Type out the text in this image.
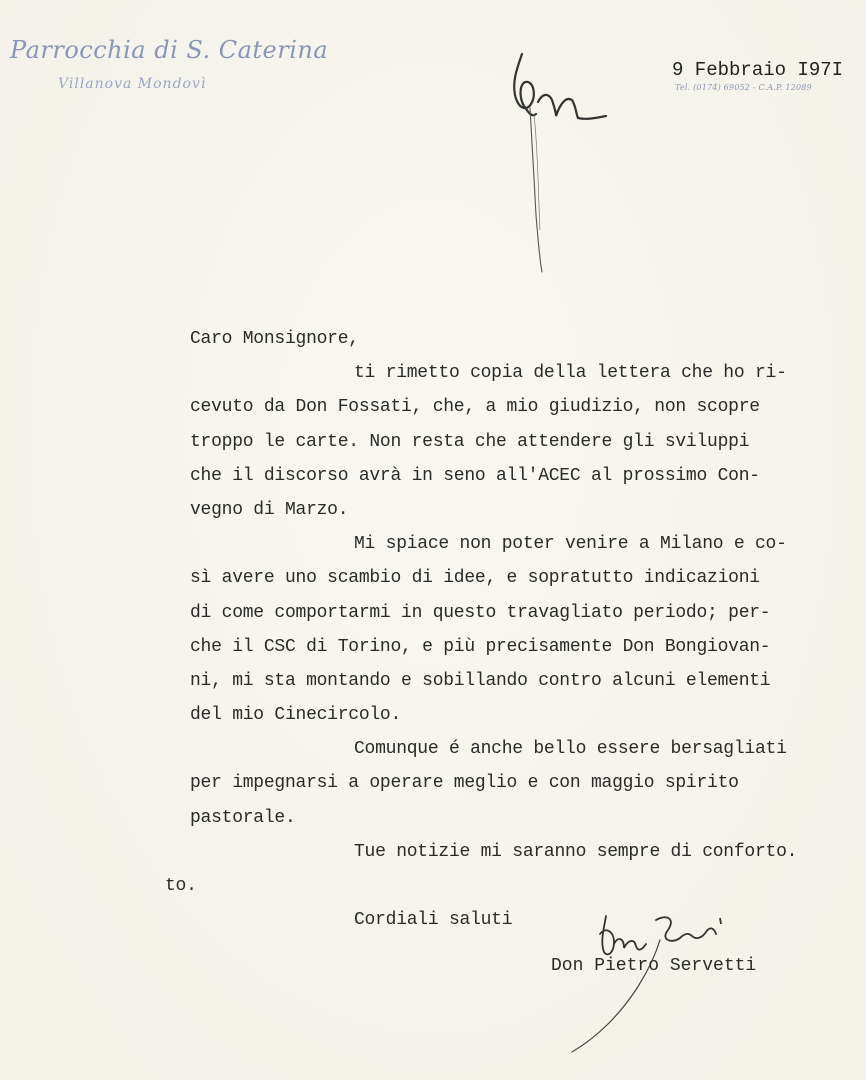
Parrocchia di S. Caterina
Villanova Mondovì
9 Febbraio I97I
Tel. (0174) 69052 - C.A.P. 12089
Caro Monsignore,
ti rimetto copia della lettera che ho ri-
cevuto da Don Fossati, che, a mio giudizio, non scopre
troppo le carte. Non resta che attendere gli sviluppi
che il discorso avrà in seno all'ACEC al prossimo Con-
vegno di Marzo.
Mi spiace non poter venire a Milano e co-
sì avere uno scambio di idee, e sopratutto indicazioni
di come comportarmi in questo travagliato periodo; per-
che il CSC di Torino, e più precisamente Don Bongiovan-
ni, mi sta montando e sobillando contro alcuni elementi
del mio Cinecircolo.
Comunque é anche bello essere bersagliati
per impegnarsi a operare meglio e con maggio spirito
pastorale.
Tue notizie mi saranno sempre di conforto.
to.
Cordiali saluti
Don Pietro Servetti
